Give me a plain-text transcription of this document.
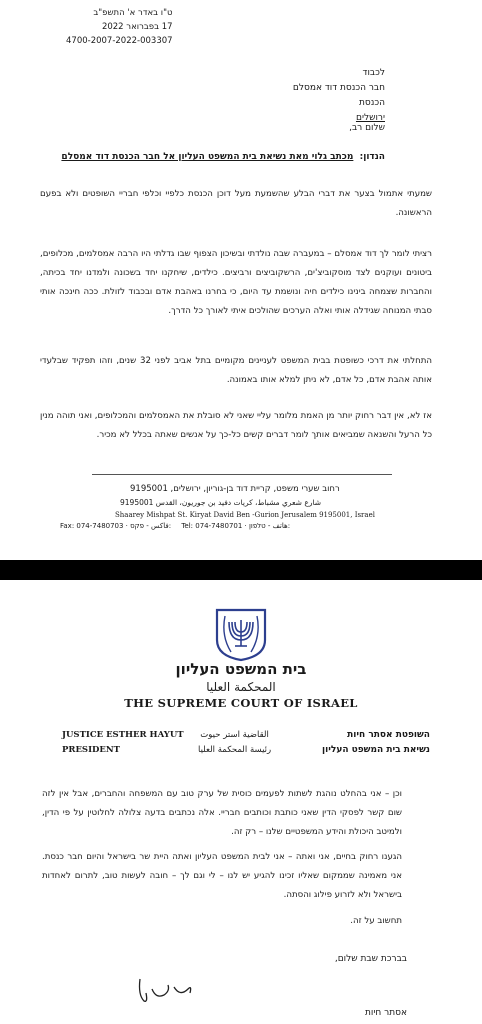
ט"ו באדר א' התשפ"ב
17 בפברואר 2022
4700-2007-2022-003307
לכבוד
חבר הכנסת דוד אמסלם
הכנסת
ירושלים
שלום רב,
הנדון:  מכתב גלוי מאת נשיאת בית המשפט העליון אל חבר הכנסת דוד אמסלם
שמעתי אתמול בצער את דברי הבלע שהשמעת מעל דוכן הכנסת כלפיי וכלפי חבריי השופטים ולא בפעם הראשונה.
רציתי לומר לך דוד אמסלם – במעברה שבה נולדתי ובשיכון הצפוף שבו גדלתי היו הרבה אמסלמים, מכלופים, ביטונים ועוקנים לצד מוסקוביצ'ים, הרשקוביצים ורביצים. כילדים, שיחקנו יחד בשכונה ולמדנו יחד בכיתה, והחברות שצמחה בינינו כילדים חיה ונושמת עד היום, כי בחרנו באהבת אדם ובכבוד לזולת. ככה חינכה אותי סבתי המנוחה שגידלה אותי ואלה הערכים שהולכים איתי לאורך כל הדרך.
התחלתי את דרכי כשופטת בבית המשפט לעניינים מקומיים בתל אביב לפני 32 שנים, וזהו תפקיד שבלעדי אותה אהבת אדם, כל אדם, לא ניתן למלא אותו באמונה.
אז לא, אין דבר רחוק יותר מן האמת מלומר עליי שאני לא סובלת את האמסלמים והמכלופים, ואני תוהה מנין כל הרעל והשנאה שמביאים אותך לומר דברים קשים כל-כך על אנשים שאתה בכלל לא מכיר.
רחוב שערי משפט, קריית דוד בן-גוריון, ירושלים, 9195001
شارع شعري مشباط، كريات دفيد بن جوريون، القدس 9195001
Shaarey Mishpat St. Kiryat David Ben -Gurion Jerusalem 9195001, Israel
Fax: 074-7480703 · فاكس - פקס: Tel: 074-7480701 · هاتف - טלפון:
בית המשפט העליון
المحكمة العليا
THE SUPREME COURT OF ISRAEL
JUSTICE ESTHER HAYUT
PRESIDENT
القاضية استر حيوت
رئيسة المحكمة العليا
השופטת אסתר חיות
נשיאת בית המשפט העליון
וכן – אני בהחלט נוהגת לשתות לפעמים כוסית של ערק טוב עם המשפחה והחברים, אבל אין לזה שום קשר לפסקי הדין שאני כותבת וכותבים חבריי. אלה נכתבים בדעה צלולה לחלוטין על פי הדין, ולמיטב היכולת והידע המשפטיים שלנו – רק זה.
הגענו רחוק בחיים, אני ואתה – אני לבית המשפט העליון ואתה היית שר בישראל והיום חבר כנסת. אני מאמינה שממקום שאליו זכינו להגיע יש לנו – לי וגם לך – חובה לעשות טוב, לתרום לאחדות בישראל ולא לזרוע פילוג והסתה.
תחשוב על זה.
בברכת שבת שלום,
אסתר חיות
